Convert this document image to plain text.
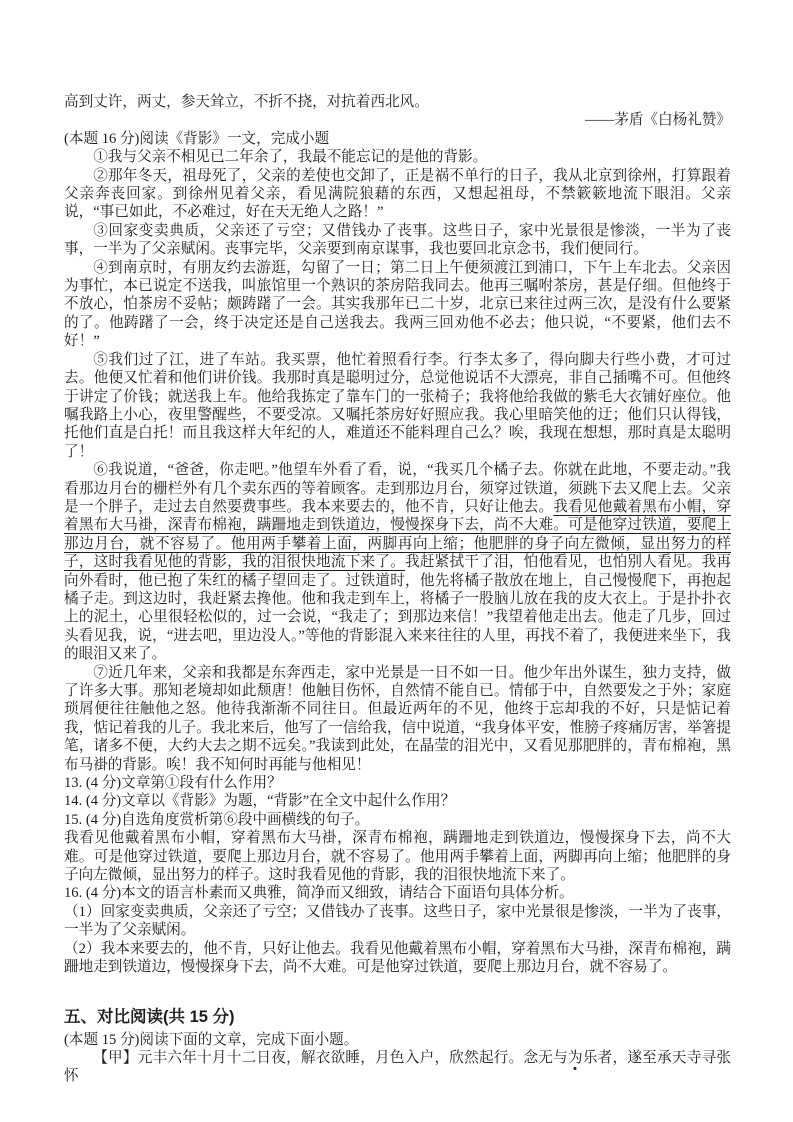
高到丈许，两丈，参天耸立，不折不挠，对抗着西北风。

——茅盾《白杨礼赞》

(本题 16 分)阅读《背影》一文，完成小题

①我与父亲不相见已二年余了，我最不能忘记的是他的背影。

②那年冬天，祖母死了，父亲的差使也交卸了，正是祸不单行的日子，我从北京到徐州，打算跟着父亲奔丧回家。到徐州见着父亲，看见满院狼藉的东西，又想起祖母，不禁簌簌地流下眼泪。父亲说，“事已如此，不必难过，好在天无绝人之路！”

③回家变卖典质，父亲还了亏空；又借钱办了丧事。这些日子，家中光景很是惨淡，一半为了丧事，一半为了父亲赋闲。丧事完毕，父亲要到南京谋事，我也要回北京念书，我们便同行。

④到南京时，有朋友约去游逛，勾留了一日；第二日上午便须渡江到浦口，下午上车北去。父亲因为事忙，本已说定不送我，叫旅馆里一个熟识的茶房陪我同去。他再三嘱咐茶房，甚是仔细。但他终于不放心，怕茶房不妥帖；颇踌躇了一会。其实我那年已二十岁，北京已来往过两三次，是没有什么要紧的了。他踌躇了一会，终于决定还是自己送我去。我两三回劝他不必去；他只说，“不要紧，他们去不好！”

⑤我们过了江，进了车站。我买票，他忙着照看行李。行李太多了，得向脚夫行些小费，才可过去。他便又忙着和他们讲价钱。我那时真是聪明过分，总觉他说话不大漂亮，非自己插嘴不可。但他终于讲定了价钱；就送我上车。他给我拣定了靠车门的一张椅子；我将他给我做的紫毛大衣铺好座位。他嘱我路上小心，夜里警醒些，不要受凉。又嘱托茶房好好照应我。我心里暗笑他的迂；他们只认得钱，托他们直是白托！而且我这样大年纪的人，难道还不能料理自己么？唉，我现在想想，那时真是太聪明了！

⑥我说道，“爸爸，你走吧。”他望车外看了看，说，“我买几个橘子去。你就在此地，不要走动。”我看那边月台的栅栏外有几个卖东西的等着顾客。走到那边月台，须穿过铁道，须跳下去又爬上去。父亲是一个胖子，走过去自然要费事些。我本来要去的，他不肯，只好让他去。我看见他戴着黑布小帽，穿着黑布大马褂，深青布棉袍，蹒跚地走到铁道边，慢慢探身下去，尚不大难。可是他穿过铁道，要爬上那边月台，就不容易了。他用两手攀着上面，两脚再向上缩；他肥胖的身子向左微倾，显出努力的样子，这时我看见他的背影，我的泪很快地流下来了。我赶紧拭干了泪，怕他看见，也怕别人看见。我再向外看时，他已抱了朱红的橘子望回走了。过铁道时，他先将橘子散放在地上，自己慢慢爬下，再抱起橘子走。到这边时，我赶紧去搀他。他和我走到车上，将橘子一股脑儿放在我的皮大衣上。于是扑扑衣上的泥土，心里很轻松似的，过一会说，“我走了；到那边来信！”我望着他走出去。他走了几步，回过头看见我，说，“进去吧，里边没人。”等他的背影混入来来往往的人里，再找不着了，我便进来坐下，我的眼泪又来了。

⑦近几年来，父亲和我都是东奔西走，家中光景是一日不如一日。他少年出外谋生，独力支持，做了许多大事。那知老境却如此颓唐！他触目伤怀，自然情不能自已。情郁于中，自然要发之于外；家庭琐屑便往往触他之怒。他待我渐渐不同往日。但最近两年的不见，他终于忘却我的不好，只是惦记着我，惦记着我的儿子。我北来后，他写了一信给我，信中说道，“我身体平安，惟膀子疼痛厉害，举箸提笔，诸多不便，大约大去之期不远矣。”我读到此处，在晶莹的泪光中，又看见那肥胖的，青布棉袍，黑布马褂的背影。唉！我不知何时再能与他相见！

13. (4 分)文章第①段有什么作用？

14. (4 分)文章以《背影》为题，“背影”在全文中起什么作用？

15. (4 分)自选角度赏析第⑥段中画横线的句子。

我看见他戴着黑布小帽，穿着黑布大马褂，深青布棉袍，蹒跚地走到铁道边，慢慢探身下去，尚不大难。可是他穿过铁道，要爬上那边月台，就不容易了。他用两手攀着上面，两脚再向上缩；他肥胖的身子向左微倾，显出努力的样子。这时我看见他的背影，我的泪很快地流下来了。

16. (4 分)本文的语言朴素而又典雅，简净而又细致，请结合下面语句具体分析。

（1）回家变卖典质，父亲还了亏空；又借钱办了丧事。这些日子，家中光景很是惨淡，一半为了丧事，一半为了父亲赋闲。

（2）我本来要去的，他不肯，只好让他去。我看见他戴着黑布小帽，穿着黑布大马褂，深青布棉袍，蹒跚地走到铁道边，慢慢探身下去，尚不大难。可是他穿过铁道，要爬上那边月台，就不容易了。

五、对比阅读(共 15 分)

(本题 15 分)阅读下面的文章，完成下面小题。

【甲】元丰六年十月十二日夜，解衣欲睡，月色入户，欣然起行。念无与为乐者，遂至承天寺寻张怀
